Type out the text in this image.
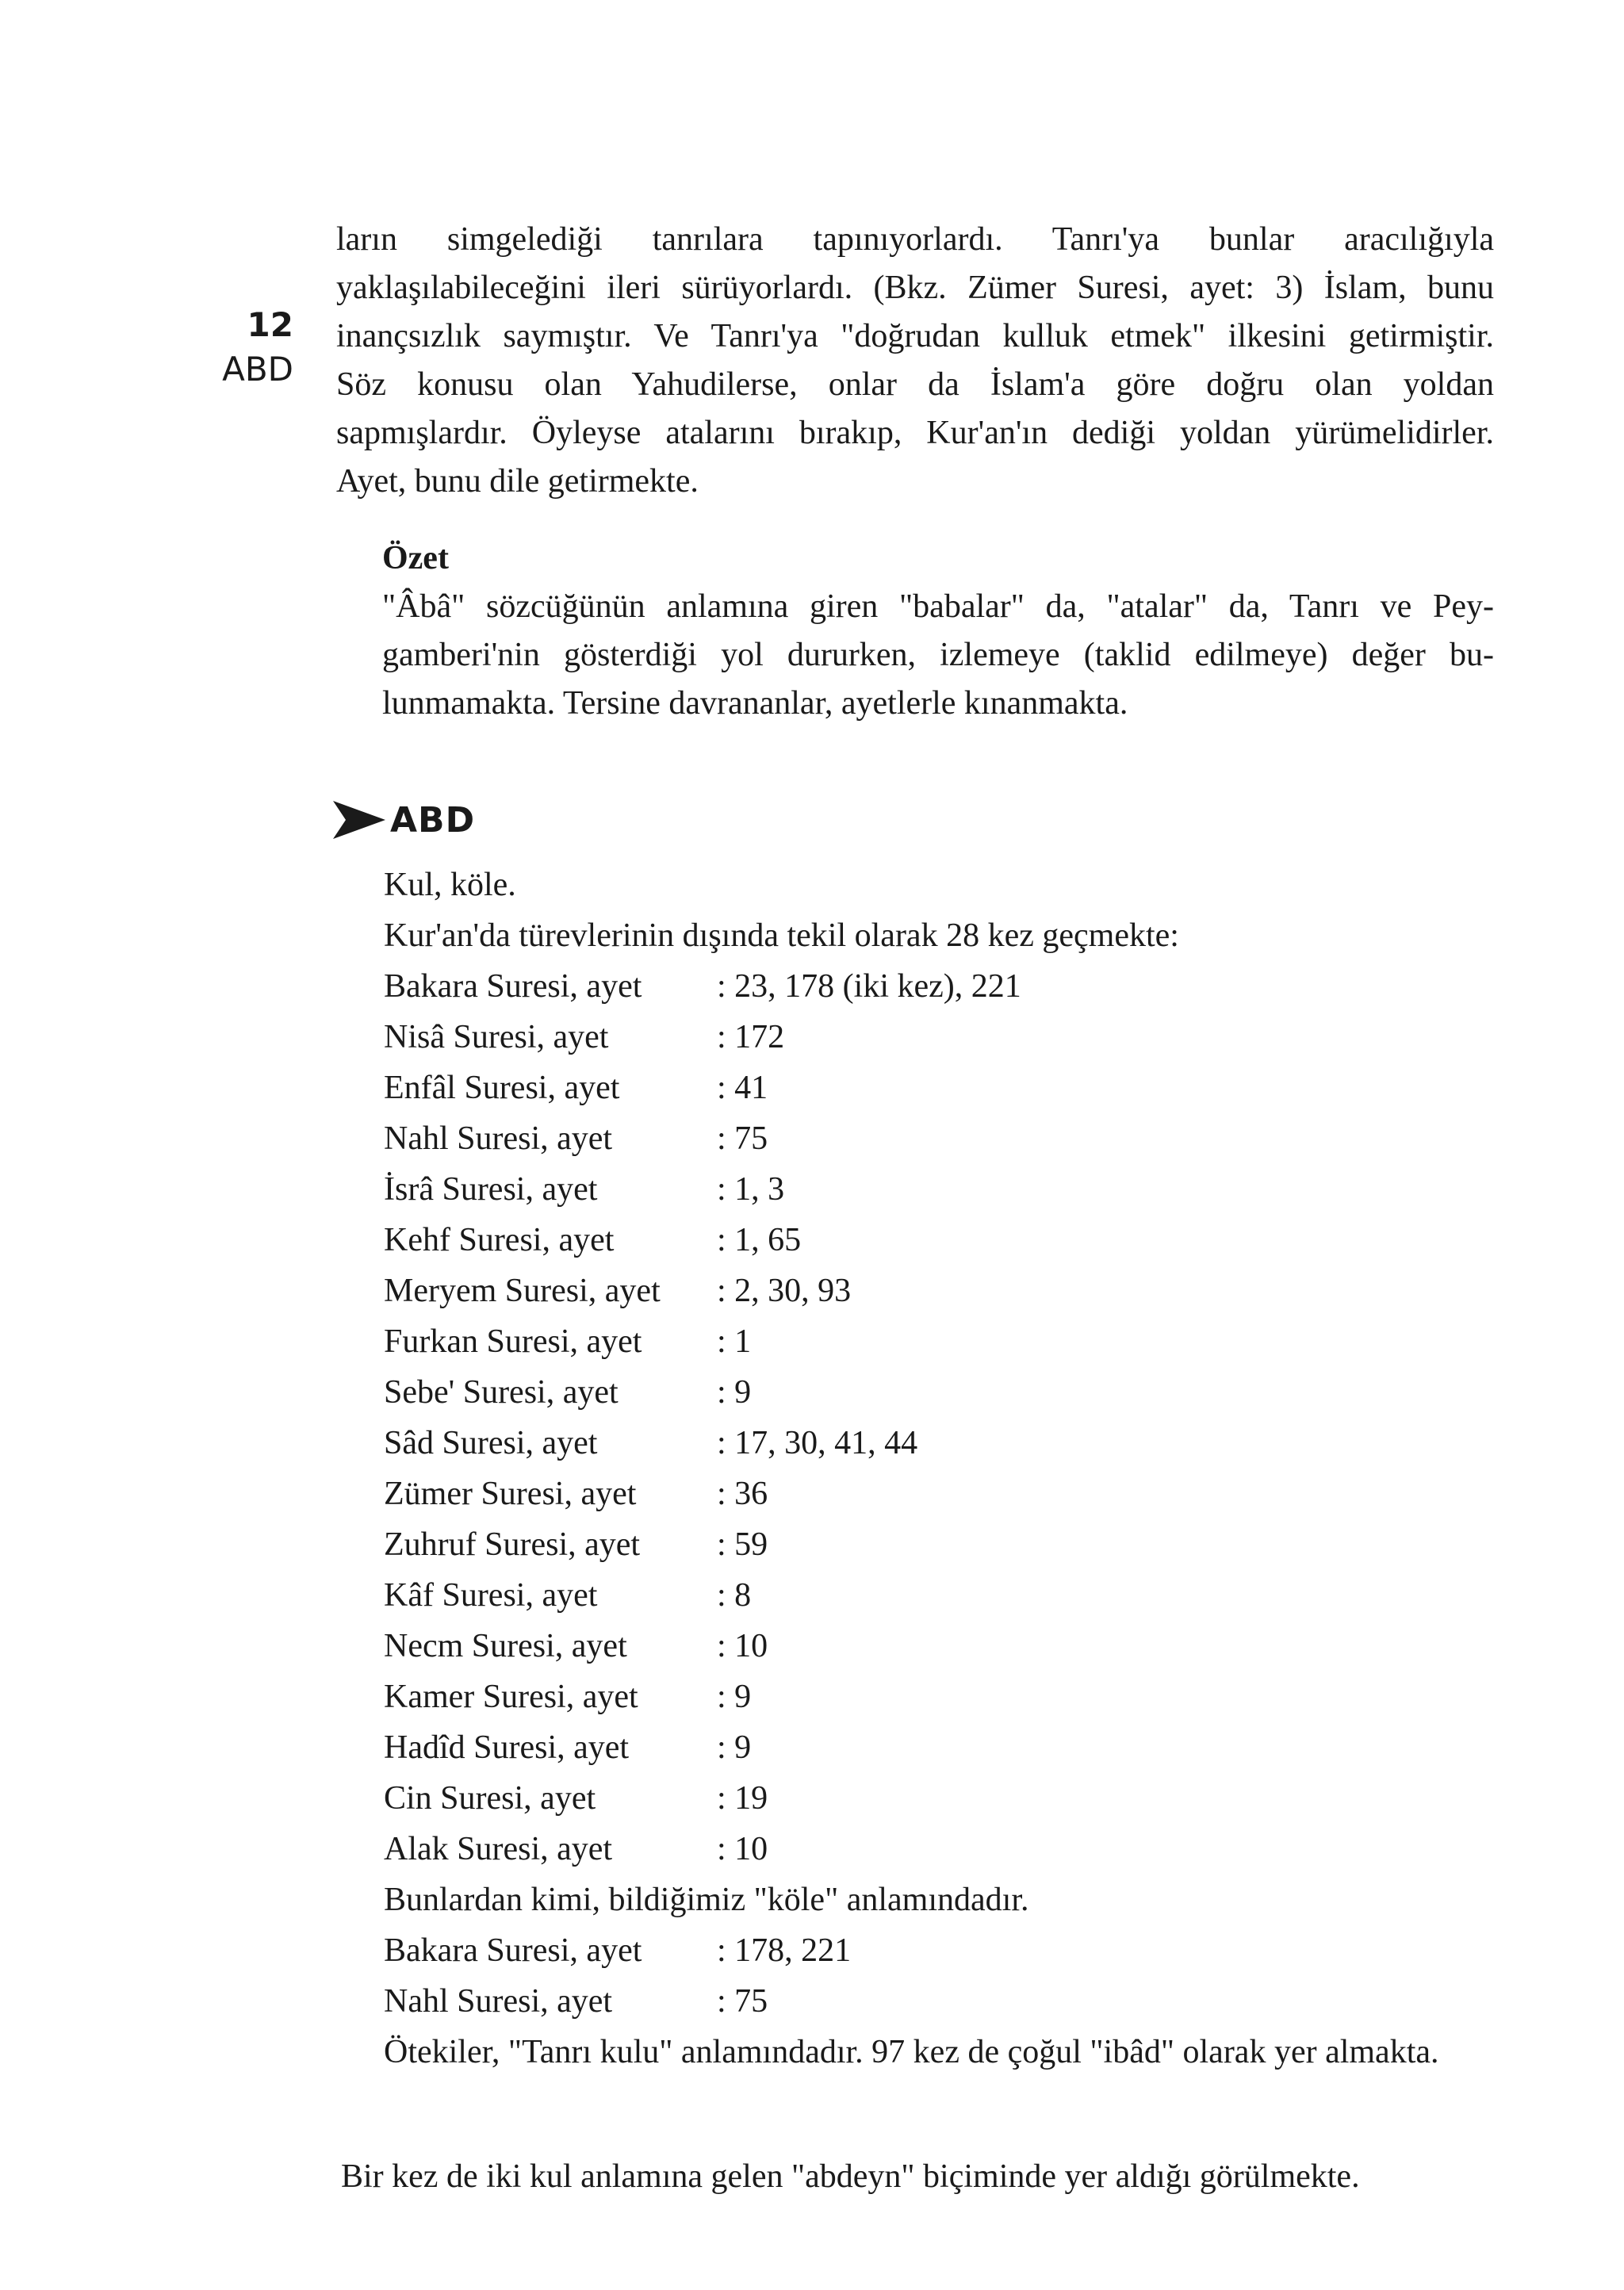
12
ABD
ların simgelediği tanrılara tapınıyorlardı. Tanrı'ya bunlar aracılığıyla
yaklaşılabileceğini ileri sürüyorlardı. (Bkz. Zümer Suresi, ayet: 3) İslam, bunu
inançsızlık saymıştır. Ve Tanrı'ya "doğrudan kulluk etmek" ilkesini getirmiştir.
Söz konusu olan Yahudilerse, onlar da İslam'a göre doğru olan yoldan
sapmışlardır. Öyleyse atalarını bırakıp, Kur'an'ın dediği yoldan yürümelidirler.
Ayet, bunu dile getirmekte.
Özet
"Âbâ" sözcüğünün anlamına giren "babalar" da, "atalar" da, Tanrı ve Pey-
gamberi'nin gösterdiği yol dururken, izlemeye (taklid edilmeye) değer bu-
lunmamakta. Tersine davrananlar, ayetlerle kınanmakta.
ABD
Kul, köle.
Kur'an'da türevlerinin dışında tekil olarak 28 kez geçmekte:
Bakara Suresi, ayet	: 23, 178 (iki kez), 221
Nisâ Suresi, ayet	: 172
Enfâl Suresi, ayet	: 41
Nahl Suresi, ayet	: 75
İsrâ Suresi, ayet	: 1, 3
Kehf Suresi, ayet	: 1, 65
Meryem Suresi, ayet	: 2, 30, 93
Furkan Suresi, ayet	: 1
Sebe' Suresi, ayet	: 9
Sâd Suresi, ayet	: 17, 30, 41, 44
Zümer Suresi, ayet	: 36
Zuhruf Suresi, ayet	: 59
Kâf Suresi, ayet	: 8
Necm Suresi, ayet	: 10
Kamer Suresi, ayet	: 9
Hadîd Suresi, ayet	: 9
Cin Suresi, ayet	: 19
Alak Suresi, ayet	: 10
Bunlardan kimi, bildiğimiz "köle" anlamındadır.
Bakara Suresi, ayet	: 178, 221
Nahl Suresi, ayet	: 75
Ötekiler, "Tanrı kulu" anlamındadır. 97 kez de çoğul "ibâd" olarak yer almakta.
Bir kez de iki kul anlamına gelen "abdeyn" biçiminde yer aldığı görülmekte.
